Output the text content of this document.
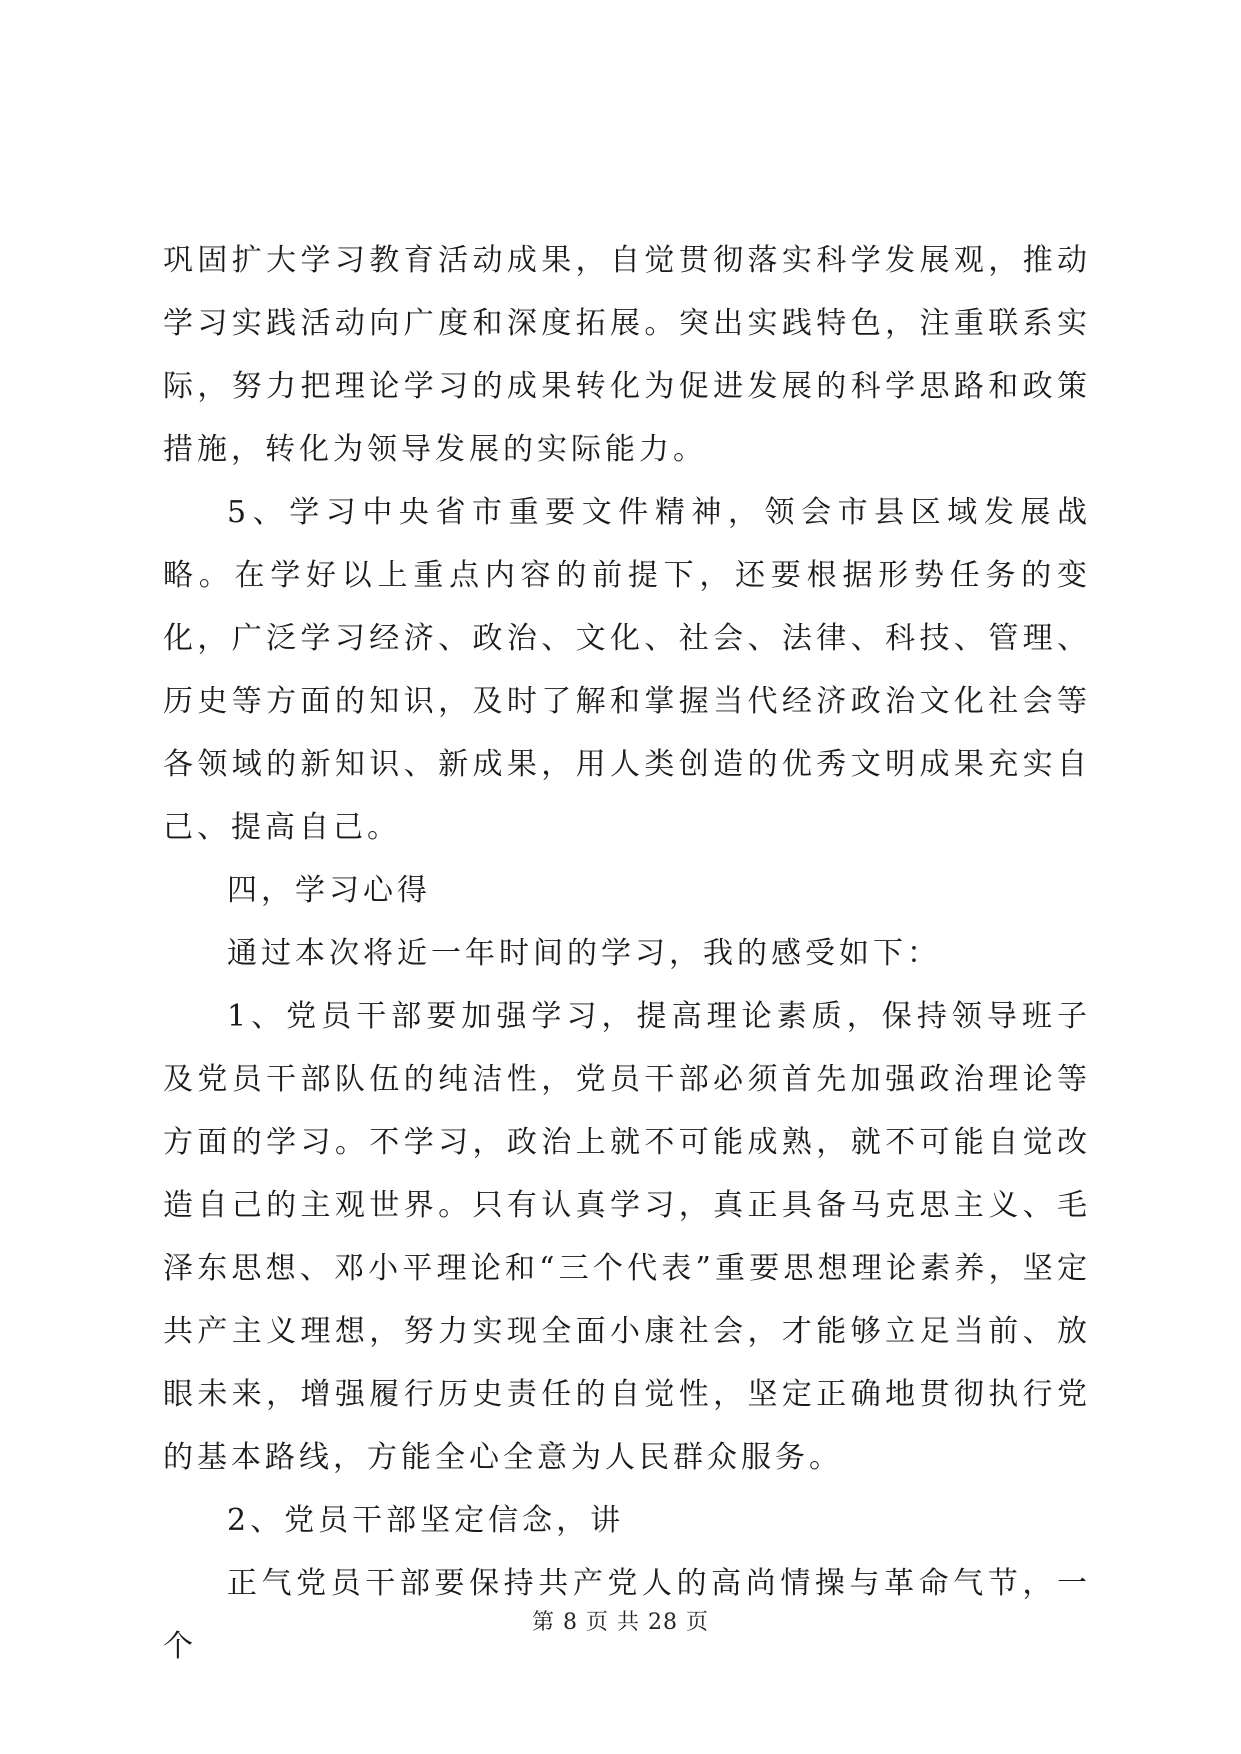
巩固扩大学习教育活动成果，自觉贯彻落实科学发展观，推动学习实践活动向广度和深度拓展。突出实践特色，注重联系实际，努力把理论学习的成果转化为促进发展的科学思路和政策措施，转化为领导发展的实际能力。

5、学习中央省市重要文件精神，领会市县区域发展战略。在学好以上重点内容的前提下，还要根据形势任务的变化，广泛学习经济、政治、文化、社会、法律、科技、管理、历史等方面的知识，及时了解和掌握当代经济政治文化社会等各领域的新知识、新成果，用人类创造的优秀文明成果充实自己、提高自己。

四，学习心得

通过本次将近一年时间的学习，我的感受如下：

1、党员干部要加强学习，提高理论素质，保持领导班子及党员干部队伍的纯洁性，党员干部必须首先加强政治理论等方面的学习。不学习，政治上就不可能成熟，就不可能自觉改造自己的主观世界。只有认真学习，真正具备马克思主义、毛泽东思想、邓小平理论和“三个代表”重要思想理论素养，坚定共产主义理想，努力实现全面小康社会，才能够立足当前、放眼未来，增强履行历史责任的自觉性，坚定正确地贯彻执行党的基本路线，方能全心全意为人民群众服务。

2、党员干部坚定信念，讲

正气党员干部要保持共产党人的高尚情操与革命气节，一个

第 8 页 共 28 页
